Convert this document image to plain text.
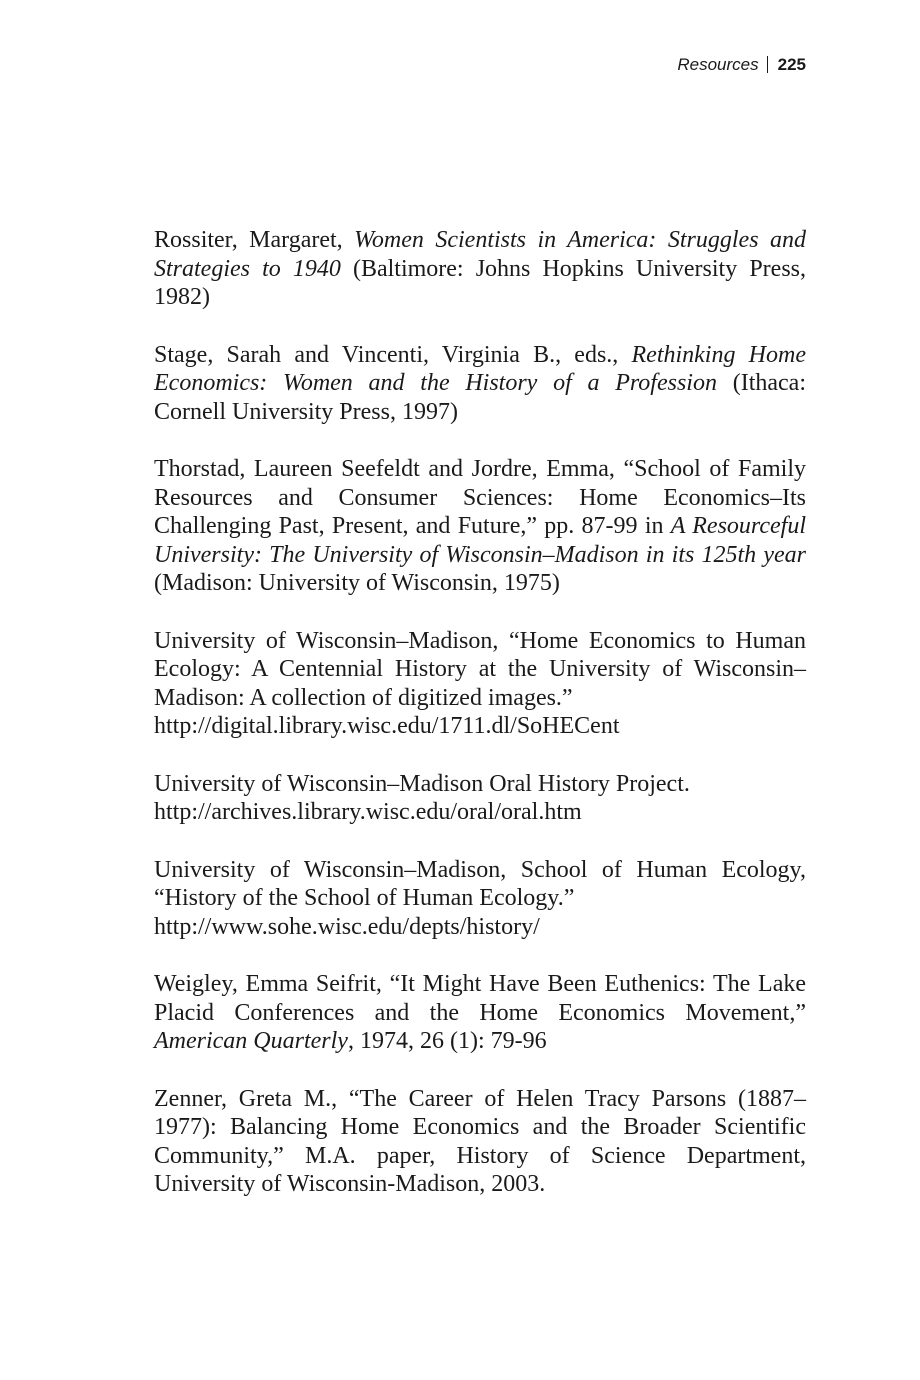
Resources 225

Rossiter, Margaret, Women Scientists in America: Struggles and Strategies to 1940 (Baltimore: Johns Hopkins University Press, 1982)

Stage, Sarah and Vincenti, Virginia B., eds., Rethinking Home Economics: Women and the History of a Profession (Ithaca: Cornell University Press, 1997)

Thorstad, Laureen Seefeldt and Jordre, Emma, “School of Family Resources and Consumer Sciences: Home Economics–Its Challenging Past, Present, and Future,” pp. 87-99 in A Resourceful University: The University of Wisconsin–Madison in its 125th year (Madison: University of Wisconsin, 1975)

University of Wisconsin–Madison, “Home Economics to Human Ecology: A Centennial History at the University of Wisconsin–Madison: A collection of digitized images.”
http://digital.library.wisc.edu/1711.dl/SoHECent

University of Wisconsin–Madison Oral History Project.
http://archives.library.wisc.edu/oral/oral.htm

University of Wisconsin–Madison, School of Human Ecology, “History of the School of Human Ecology.”
http://www.sohe.wisc.edu/depts/history/

Weigley, Emma Seifrit, “It Might Have Been Euthenics: The Lake Placid Conferences and the Home Economics Movement,” American Quarterly, 1974, 26 (1): 79-96

Zenner, Greta M., “The Career of Helen Tracy Parsons (1887–1977): Balancing Home Economics and the Broader Scientific Community,” M.A. paper, History of Science Department, University of Wisconsin-Madison, 2003.
